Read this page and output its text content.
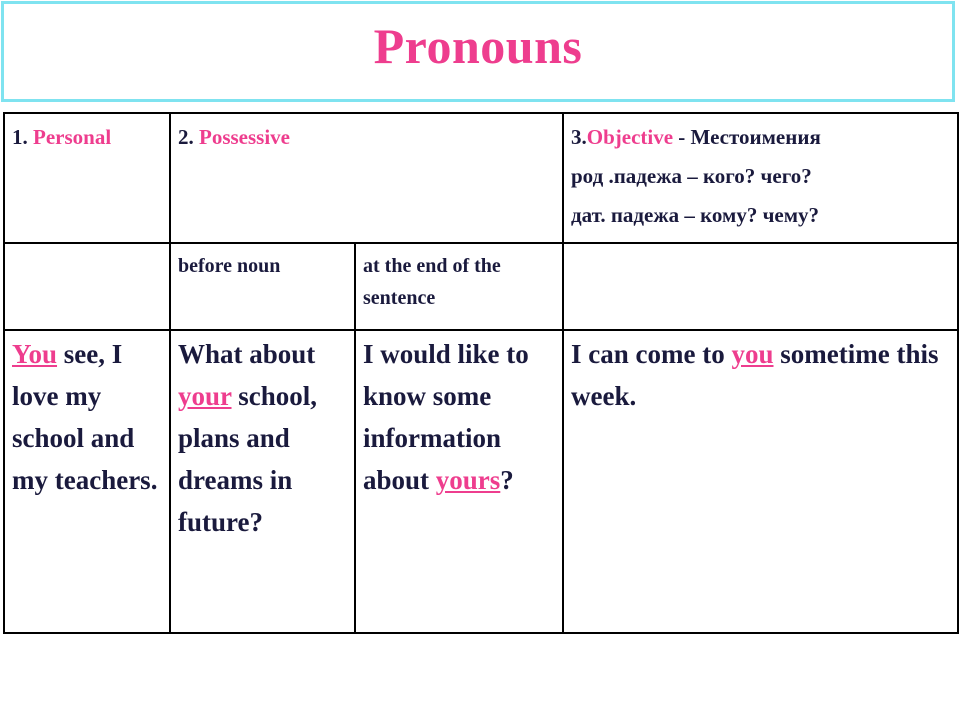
Pronouns
1. Personal	2. Possessive		3.Objective - Местоимения
род .падежа – кого? чего?
дат. падежа – кому? чему?

	before noun	at the end of the sentence	
You see, I love my school and my teachers.	What about your school, plans and dreams in future?	I would like to know some information about yours?	I can come to you sometime this week.
